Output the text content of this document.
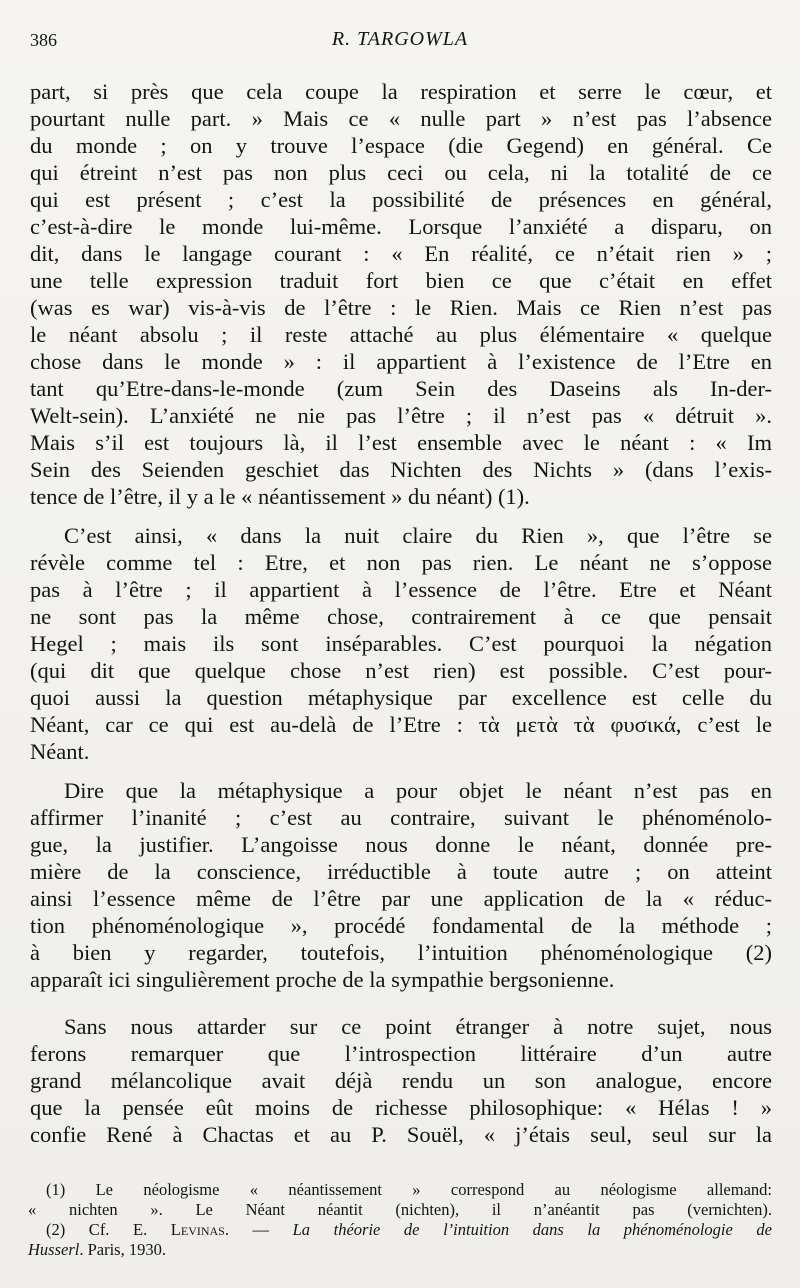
386	R. TARGOWLA
part, si près que cela coupe la respiration et serre le cœur, et
pourtant nulle part. » Mais ce « nulle part » n’est pas l’absence
du monde ; on y trouve l’espace (die Gegend) en général. Ce
qui étreint n’est pas non plus ceci ou cela, ni la totalité de ce
qui est présent ; c’est la possibilité de présences en général,
c’est-à-dire le monde lui-même. Lorsque l’anxiété a disparu, on
dit, dans le langage courant : « En réalité, ce n’était rien » ;
une telle expression traduit fort bien ce que c’était en effet
(was es war) vis-à-vis de l’être : le Rien. Mais ce Rien n’est pas
le néant absolu ; il reste attaché au plus élémentaire « quelque
chose dans le monde » : il appartient à l’existence de l’Etre en
tant qu’Etre-dans-le-monde (zum Sein des Daseins als In-der-
Welt-sein). L’anxiété ne nie pas l’être ; il n’est pas « détruit ».
Mais s’il est toujours là, il l’est ensemble avec le néant : « Im
Sein des Seienden geschiet das Nichten des Nichts » (dans l’exis-
tence de l’être, il y a le « néantissement » du néant) (1).
C’est ainsi, « dans la nuit claire du Rien », que l’être se
révèle comme tel : Etre, et non pas rien. Le néant ne s’oppose
pas à l’être ; il appartient à l’essence de l’être. Etre et Néant
ne sont pas la même chose, contrairement à ce que pensait
Hegel ; mais ils sont inséparables. C’est pourquoi la négation
(qui dit que quelque chose n’est rien) est possible. C’est pour-
quoi aussi la question métaphysique par excellence est celle du
Néant, car ce qui est au-delà de l’Etre : τὰ μετὰ τὰ φυσικά, c’est le
Néant.
Dire que la métaphysique a pour objet le néant n’est pas en
affirmer l’inanité ; c’est au contraire, suivant le phénoménolo-
gue, la justifier. L’angoisse nous donne le néant, donnée pre-
mière de la conscience, irréductible à toute autre ; on atteint
ainsi l’essence même de l’être par une application de la « réduc-
tion phénoménologique », procédé fondamental de la méthode ;
à bien y regarder, toutefois, l’intuition phénoménologique (2)
apparaît ici singulièrement proche de la sympathie bergsonienne.
Sans nous attarder sur ce point étranger à notre sujet, nous
ferons remarquer que l’introspection littéraire d’un autre
grand mélancolique avait déjà rendu un son analogue, encore
que la pensée eût moins de richesse philosophique: « Hélas ! »
confie René à Chactas et au P. Souël, « j’étais seul, seul sur la
(1) Le néologisme « néantissement » correspond au néologisme allemand:
« nichten ». Le Néant néantit (nichten), il n’anéantit pas (vernichten).
(2) Cf. E. Levinas. — La théorie de l’intuition dans la phénoménologie de
Husserl. Paris, 1930.
